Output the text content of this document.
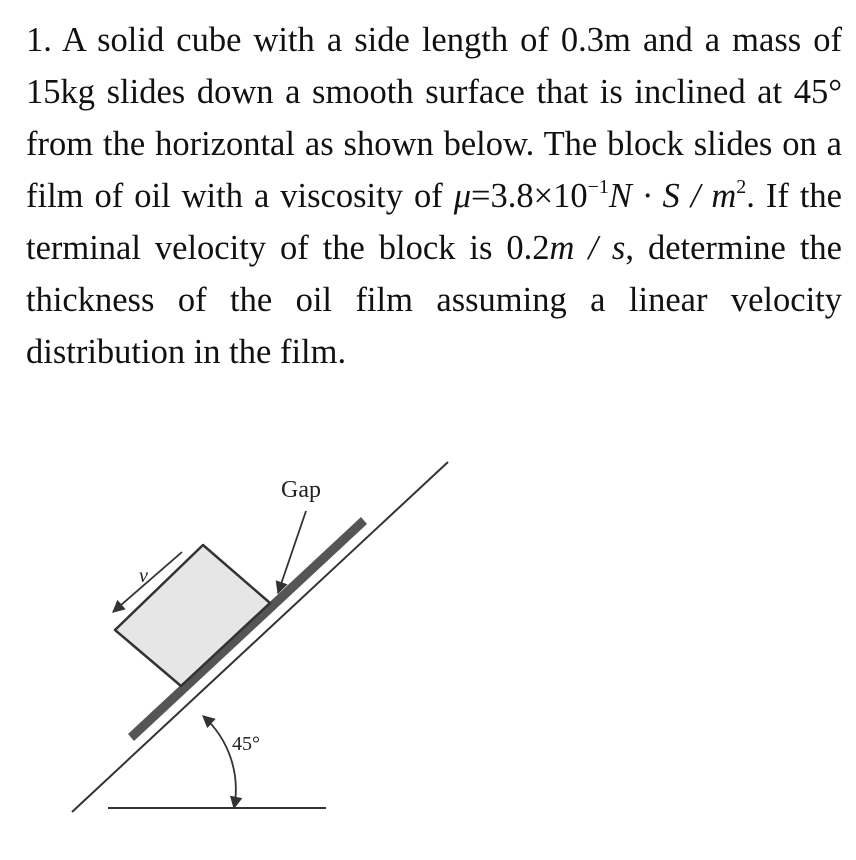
1. A solid cube with a side length of 0.3m and a mass of 15kg slides down a smooth surface that is inclined at 45° from the horizontal as shown below. The block slides on a film of oil with a viscosity of $\mu=3.8\times 10^{-1}N \cdot S / m^2$. If the terminal velocity of the block is 0.2m / s, determine the thickness of the oil film assuming a linear velocity distribution in the film.
v
Gap
45°
